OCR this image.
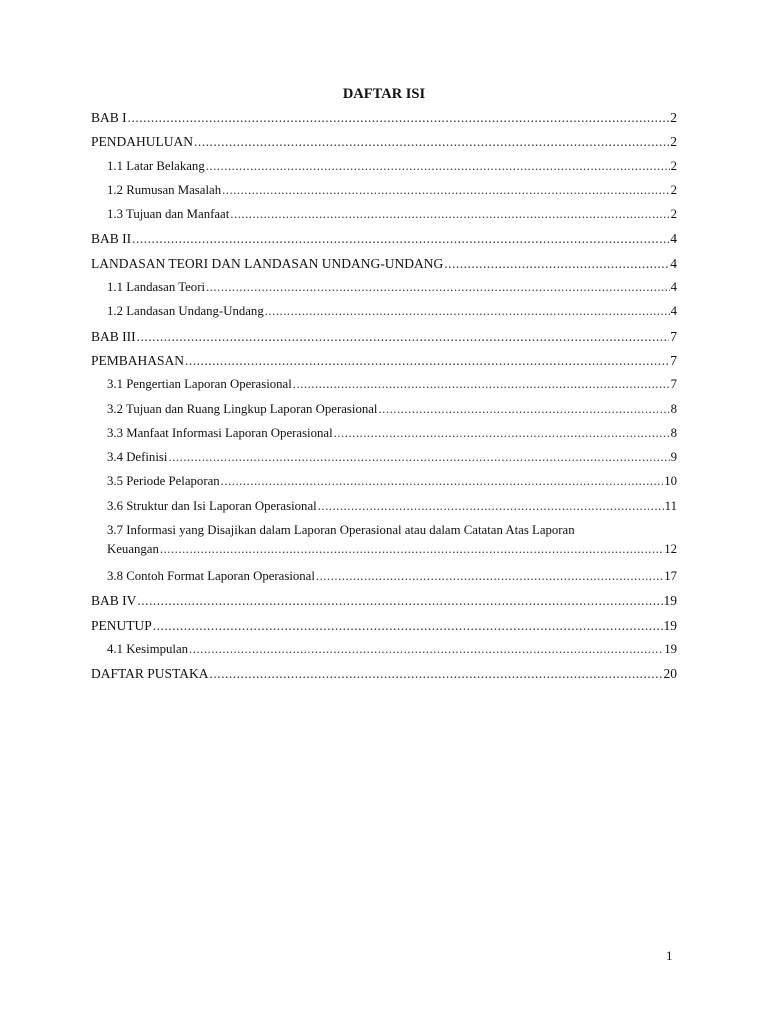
DAFTAR ISI
BAB I .....	2
PENDAHULUAN .....	2
1.1 Latar Belakang .....	2
1.2 Rumusan Masalah .....	2
1.3 Tujuan dan Manfaat .....	2
BAB II .....	4
LANDASAN TEORI DAN LANDASAN UNDANG-UNDANG .....	4
1.1 Landasan Teori .....	4
1.2 Landasan Undang-Undang .....	4
BAB III .....	7
PEMBAHASAN .....	7
3.1 Pengertian Laporan Operasional .....	7
3.2 Tujuan dan Ruang Lingkup Laporan Operasional .....	8
3.3 Manfaat Informasi Laporan Operasional .....	8
3.4 Definisi .....	9
3.5 Periode Pelaporan .....	10
3.6 Struktur dan Isi Laporan Operasional .....	11
3.7 Informasi yang Disajikan dalam Laporan Operasional atau dalam Catatan Atas Laporan
Keuangan .....	12
3.8 Contoh Format Laporan Operasional .....	17
BAB IV .....	19
PENUTUP .....	19
4.1 Kesimpulan .....	19
DAFTAR PUSTAKA .....	20
1
